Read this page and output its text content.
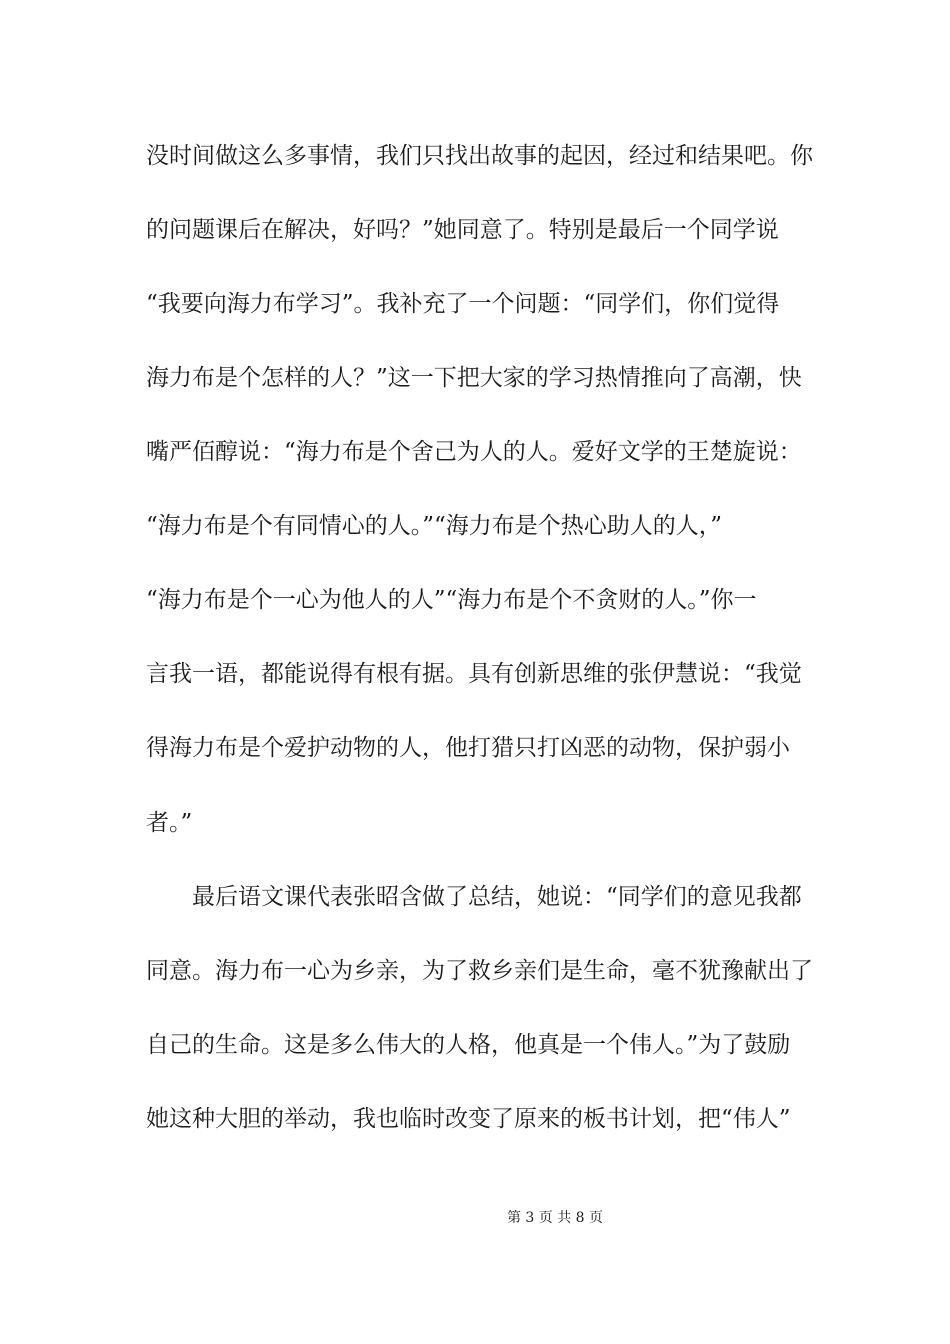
没时间做这么多事情，我们只找出故事的起因，经过和结果吧。你
的问题课后在解决，好吗？”她同意了。特别是最后一个同学说
“我要向海力布学习”。我补充了一个问题：“同学们，你们觉得
海力布是个怎样的人？”这一下把大家的学习热情推向了高潮，快
嘴严佰醇说：“海力布是个舍己为人的人。爱好文学的王楚旋说：
“海力布是个有同情心的人。”“海力布是个热心助人的人，”
“海力布是个一心为他人的人”“海力布是个不贪财的人。”你一
言我一语，都能说得有根有据。具有创新思维的张伊慧说：“我觉
得海力布是个爱护动物的人，他打猎只打凶恶的动物，保护弱小
者。”
最后语文课代表张昭含做了总结，她说：“同学们的意见我都
同意。海力布一心为乡亲，为了救乡亲们是生命，毫不犹豫献出了
自己的生命。这是多么伟大的人格，他真是一个伟人。”为了鼓励
她这种大胆的举动，我也临时改变了原来的板书计划，把“伟人”
第 3 页 共 8 页
